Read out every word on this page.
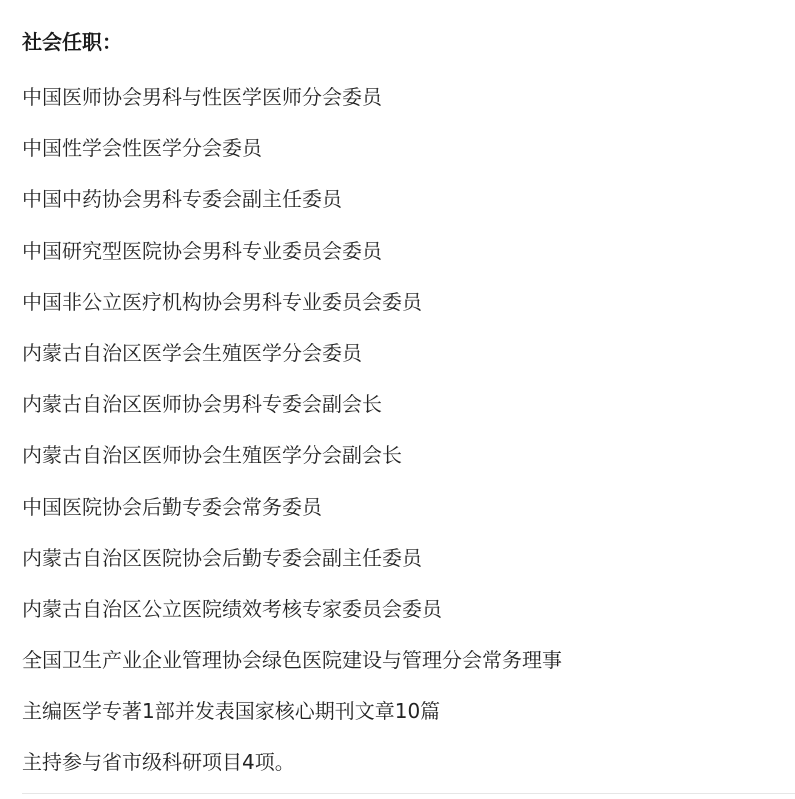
社会任职：
中国医师协会男科与性医学医师分会委员
中国性学会性医学分会委员
中国中药协会男科专委会副主任委员
中国研究型医院协会男科专业委员会委员
中国非公立医疗机构协会男科专业委员会委员
内蒙古自治区医学会生殖医学分会委员
内蒙古自治区医师协会男科专委会副会长
内蒙古自治区医师协会生殖医学分会副会长
中国医院协会后勤专委会常务委员
内蒙古自治区医院协会后勤专委会副主任委员
内蒙古自治区公立医院绩效考核专家委员会委员
全国卫生产业企业管理协会绿色医院建设与管理分会常务理事
主编医学专著1部并发表国家核心期刊文章10篇
主持参与省市级科研项目4项。
